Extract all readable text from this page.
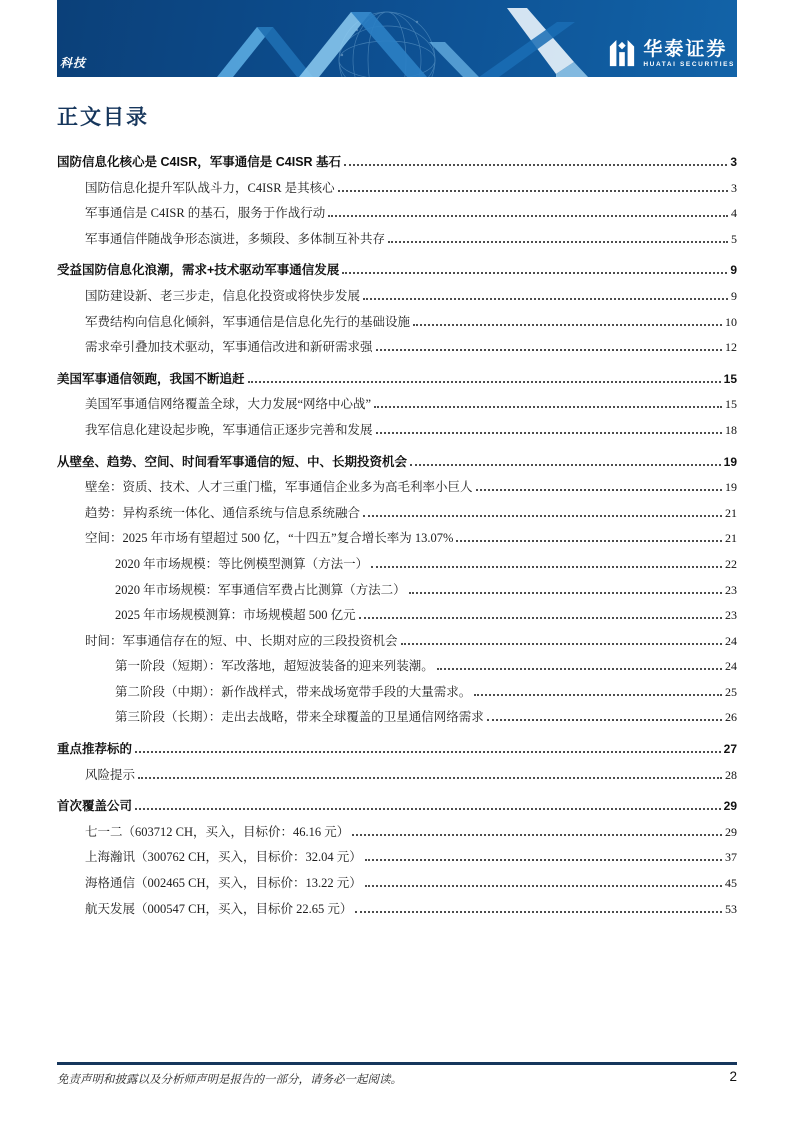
科技
华泰证券
HUATAI SECURITIES
正文目录
国防信息化核心是 C4ISR，军事通信是 C4ISR 基石	3
国防信息化提升军队战斗力，C4ISR 是其核心	3
军事通信是 C4ISR 的基石，服务于作战行动	4
军事通信伴随战争形态演进，多频段、多体制互补共存	5
受益国防信息化浪潮，需求+技术驱动军事通信发展	9
国防建设新、老三步走，信息化投资或将快步发展	9
军费结构向信息化倾斜，军事通信是信息化先行的基础设施	10
需求牵引叠加技术驱动，军事通信改进和新研需求强	12
美国军事通信领跑，我国不断追赶	15
美国军事通信网络覆盖全球，大力发展“网络中心战”	15
我军信息化建设起步晚，军事通信正逐步完善和发展	18
从壁垒、趋势、空间、时间看军事通信的短、中、长期投资机会	19
壁垒：资质、技术、人才三重门槛，军事通信企业多为高毛利率小巨人	19
趋势：异构系统一体化、通信系统与信息系统融合	21
空间：2025 年市场有望超过 500 亿，“十四五”复合增长率为 13.07%	21
2020 年市场规模：等比例模型测算（方法一）	22
2020 年市场规模：军事通信军费占比测算（方法二）	23
2025 年市场规模测算：市场规模超 500 亿元	23
时间：军事通信存在的短、中、长期对应的三段投资机会	24
第一阶段（短期）：军改落地，超短波装备的迎来列装潮。	24
第二阶段（中期）：新作战样式，带来战场宽带手段的大量需求。	25
第三阶段（长期）：走出去战略，带来全球覆盖的卫星通信网络需求	26
重点推荐标的	27
风险提示	28
首次覆盖公司	29
七一二（603712 CH，买入，目标价：46.16 元）	29
上海瀚讯（300762 CH，买入，目标价：32.04 元）	37
海格通信（002465 CH，买入，目标价：13.22 元）	45
航天发展（000547 CH，买入，目标价 22.65 元）	53
免责声明和披露以及分析师声明是报告的一部分，请务必一起阅读。	2
